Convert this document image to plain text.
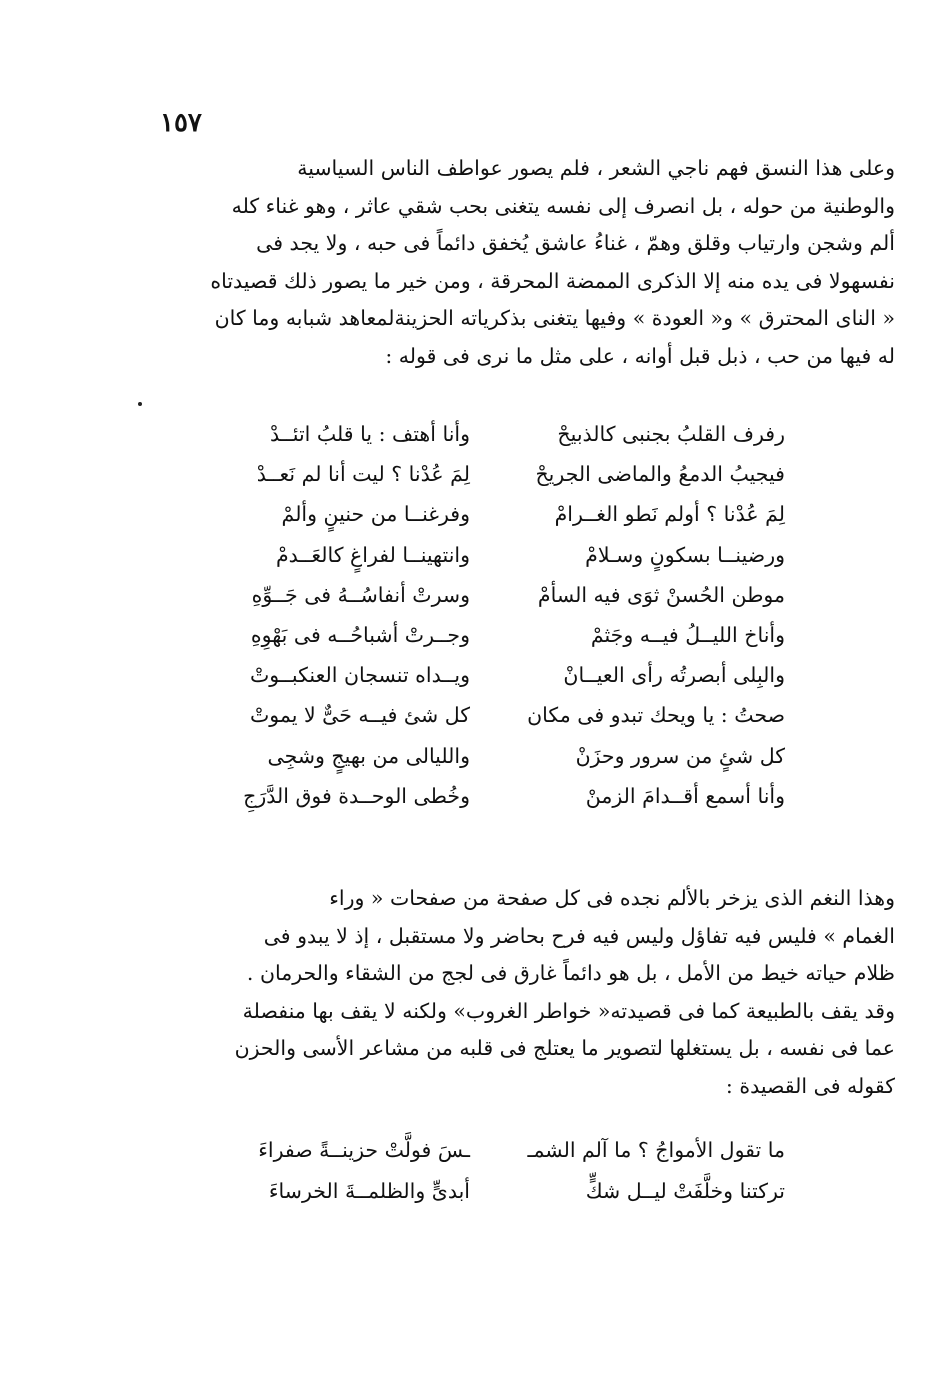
١٥٧
وعلى هذا النسق فهم ناجي الشعر ، فلم يصور عواطف الناس السياسية
والوطنية من حوله ، بل انصرف إلى نفسه يتغنى بحب شقي عاثر ، وهو غناء كله
ألم وشجن وارتياب وقلق وهمّ ، غناءُ عاشق يُخفق دائماً فى حبه ، ولا يجد فى
نفسهولا فى يده منه إلا الذكرى الممضة المحرقة ، ومن خير ما يصور ذلك قصيدتاه
« الناى المحترق » و« العودة » وفيها يتغنى بذكرياته الحزينةلمعاهد شبابه وما كان
له فيها من حب ، ذبل قبل أوانه ، على مثل ما نرى فى قوله :
رفرف القلبُ بجنبى كالذبيحْ
وأنا أهتف : يا قلبُ اتئــدْ
فيجيبُ الدمعُ والماضى الجريحْ
لِمَ عُدْنا ؟ ليت أنا لم نَعــدْ
لِمَ عُدْنا ؟ أولم نَطو الغــرامْ
وفرغنــا من حنينٍ وألمْ
ورضينــا بسكونٍ وسـلامْ
وانتهينــا لفراغٍ كالعَــدمْ
موطن الحُسنْ ثوَى فيه السأمْ
وسرتْ أنفاسُــهُ فى جَــوِّهِ
وأناخ الليــلُ فيــه وجَثمْ
وجــرتْ أشباحُــه فى بَهْوِهِ
والبِلى أبصرتُه رأى العيــانْ
ويــداه تنسجان العنكبــوتْ
صحتُ : يا ويحك تبدو فى مكان
كل شئ فيــه حَىٌّ لا يموتْ
كل شئٍ من سرور وحزَنْ
والليالى من بهيجٍ وشجِى
وأنا أسمع أقــدامَ الزمنْ
وخُطى الوحــدة فوق الدَّرَجِ
وهذا النغم الذى يزخر بالألم نجده فى كل صفحة من صفحات « وراء
الغمام » فليس فيه تفاؤل وليس فيه فرح بحاضر ولا مستقبل ، إذ لا يبدو فى
ظلام حياته خيط من الأمل ، بل هو دائماً غارق فى لجج من الشقاء والحرمان .
وقد يقف بالطبيعة كما فى قصيدته« خواطر الغروب» ولكنه لا يقف بها منفصلة
عما فى نفسه ، بل يستغلها لتصوير ما يعتلج فى قلبه من مشاعر الأسى والحزن
كقوله فى القصيدة :
ما تقول الأمواجُ ؟ ما آلم الشمـ
ـسَ فولَّتْ حزينــةً صفراءَ
تركتنا وخلَّفَتْ ليــل شكٍّ
أبدىٍّ والظلمــةَ الخرساءَ
